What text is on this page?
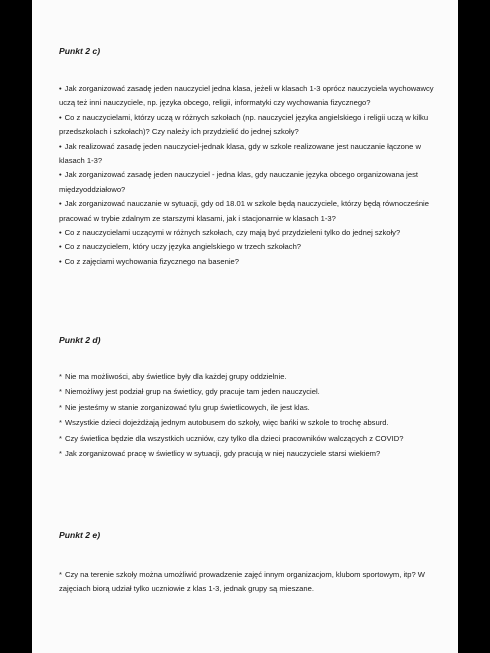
Punkt 2 c)

• Jak zorganizować zasadę jeden nauczyciel jedna klasa, jeżeli w klasach 1-3 oprócz nauczyciela wychowawcy uczą też inni nauczyciele, np. języka obcego, religii, informatyki czy wychowania fizycznego?
• Co z nauczycielami, którzy uczą w różnych szkołach (np. nauczyciel języka angielskiego i religii uczą w kilku przedszkolach i szkołach)? Czy należy ich przydzielić do jednej szkoły?
• Jak realizować zasadę jeden nauczyciel-jednak klasa, gdy w szkole realizowane jest nauczanie łączone w klasach 1-3?
• Jak zorganizować zasadę jeden nauczyciel - jedna klas, gdy nauczanie języka obcego organizowana jest międzyoddziałowo?
• Jak zorganizować nauczanie w sytuacji, gdy od 18.01 w szkole będą nauczyciele, którzy będą równocześnie pracować w trybie zdalnym ze starszymi klasami, jak i stacjonarnie w klasach 1-3?
• Co z nauczycielami uczącymi w różnych szkołach, czy mają być przydzieleni tylko do jednej szkoły?
• Co z nauczycielem, który uczy języka angielskiego w trzech szkołach?
• Co z zajęciami wychowania fizycznego na basenie?

Punkt 2 d)

* Nie ma możliwości, aby świetlice były dla każdej grupy oddzielnie.
* Niemożliwy jest podział grup na świetlicy, gdy pracuje tam jeden nauczyciel.
* Nie jesteśmy w stanie zorganizować tylu grup świetlicowych, ile jest klas.
* Wszystkie dzieci dojeżdżają jednym autobusem do szkoły, więc bańki w szkole to trochę absurd.
* Czy świetlica będzie dla wszystkich uczniów, czy tylko dla dzieci pracowników walczących z COVID?
* Jak zorganizować pracę w świetlicy w sytuacji, gdy pracują w niej nauczyciele starsi wiekiem?

Punkt 2 e)

* Czy na terenie szkoły można umożliwić prowadzenie zajęć innym organizacjom, klubom sportowym, itp? W zajęciach biorą udział tylko uczniowie z klas 1-3, jednak grupy są mieszane.
